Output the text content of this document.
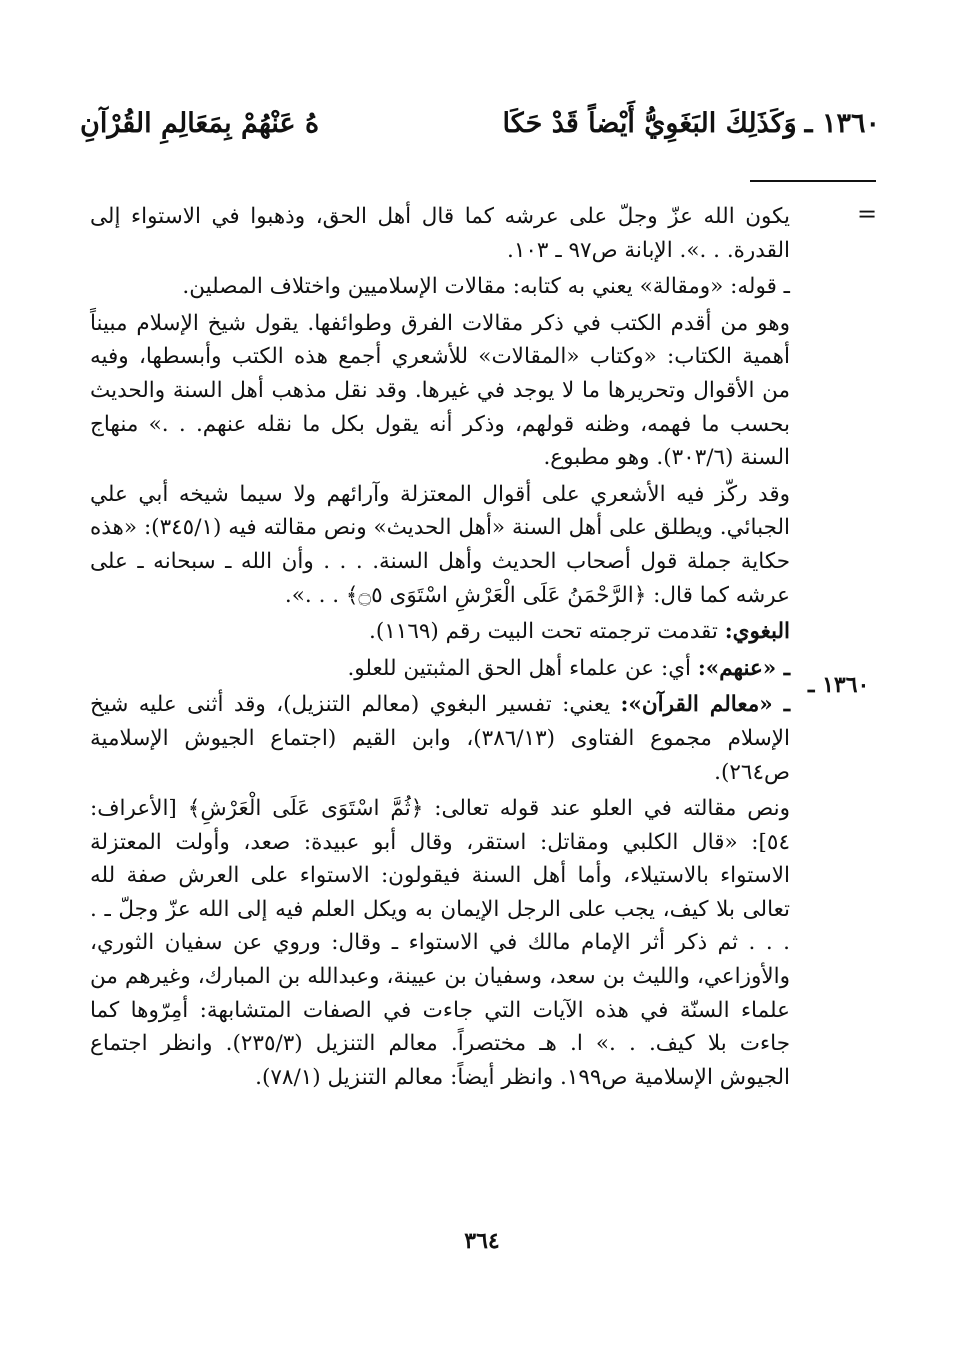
١٣٦٠ ـ
وَكَذَلِكَ البَغَوِيُّ أَيْضاً قَدْ حَكَا
هُ عَنْهُمْ بِمَعَالِمِ القُرْآنِ
=
١٣٦٠ ـ

يكون الله عزّ وجلّ على عرشه كما قال أهل الحق، وذهبوا في الاستواء إلى القدرة. . .». الإبانة ص٩٧ ـ ١٠٣.

ـ قوله: «ومقالة» يعني به كتابه: مقالات الإسلاميين واختلاف المصلين.

وهو من أقدم الكتب في ذكر مقالات الفرق وطوائفها. يقول شيخ الإسلام مبيناً أهمية الكتاب: «وكتاب «المقالات» للأشعري أجمع هذه الكتب وأبسطها، وفيه من الأقوال وتحريرها ما لا يوجد في غيرها. وقد نقل مذهب أهل السنة والحديث بحسب ما فهمه، وظنه قولهم، وذكر أنه يقول بكل ما نقله عنهم. . .» منهاج السنة (٣٠٣/٦). وهو مطبوع.

وقد ركّز فيه الأشعري على أقوال المعتزلة وآرائهم ولا سيما شيخه أبي علي الجبائي. ويطلق على أهل السنة «أهل الحديث» ونص مقالته فيه (٣٤٥/١): «هذه حكاية جملة قول أصحاب الحديث وأهل السنة. . . . وأن الله ـ سبحانه ـ على عرشه كما قال: ﴿الرَّحْمَنُ عَلَى الْعَرْشِ اسْتَوَى ۝٥﴾ . . .».

البغوي: تقدمت ترجمته تحت البيت رقم (١١٦٩).

ـ «عنهم»: أي: عن علماء أهل الحق المثبتين للعلو.

ـ «معالم القرآن»: يعني: تفسير البغوي (معالم التنزيل)، وقد أثنى عليه شيخ الإسلام مجموع الفتاوى (٣٨٦/١٣)، وابن القيم (اجتماع الجيوش الإسلامية ص٢٦٤).

ونص مقالته في العلو عند قوله تعالى: ﴿ثُمَّ اسْتَوَى عَلَى الْعَرْشِ﴾ [الأعراف: ٥٤]: «قال الكلبي ومقاتل: استقر، وقال أبو عبيدة: صعد، وأولت المعتزلة الاستواء بالاستيلاء، وأما أهل السنة فيقولون: الاستواء على العرش صفة لله تعالى بلا كيف، يجب على الرجل الإيمان به ويكل العلم فيه إلى الله عزّ وجلّ ـ . . . . ثم ذكر أثر الإمام مالك في الاستواء ـ وقال: وروي عن سفيان الثوري، والأوزاعي، والليث بن سعد، وسفيان بن عيينة، وعبدالله بن المبارك، وغيرهم من علماء السنّة في هذه الآيات التي جاءت في الصفات المتشابهة: أمِرّوها كما جاءت بلا كيف. . .» ا. هـ مختصراً. معالم التنزيل (٢٣٥/٣). وانظر اجتماع الجيوش الإسلامية ص١٩٩. وانظر أيضاً: معالم التنزيل (٧٨/١).

٣٦٤
